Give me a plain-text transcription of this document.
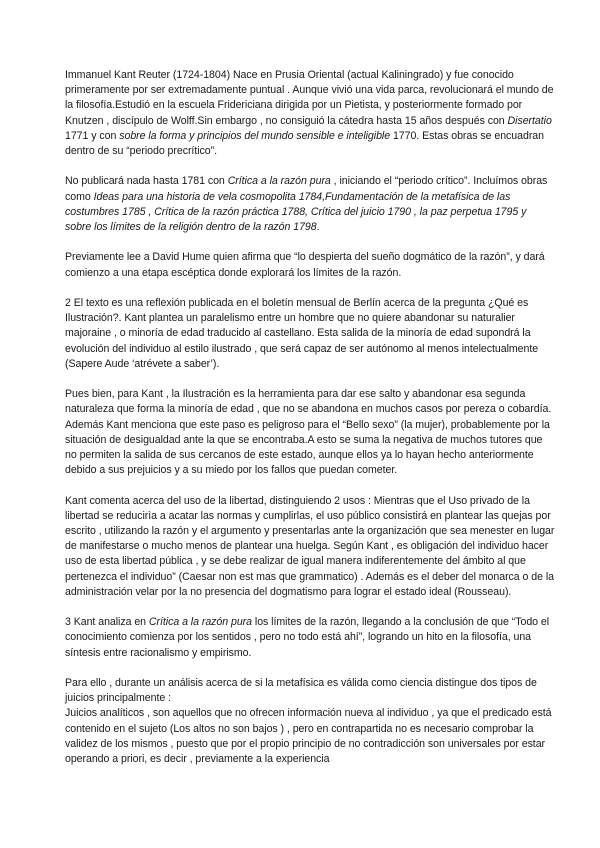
Immanuel Kant Reuter (1724-1804) Nace en Prusia Oriental (actual Kaliningrado) y fue conocido primeramente por ser extremadamente puntual . Aunque vivió una vida parca, revolucionará el mundo de la filosofía.Estudió en la escuela Fridericiana dirigida por un Pietista, y posteriormente formado por Knutzen , discípulo de Wolff.Sin embargo , no consiguió la cátedra hasta 15 años después con Disertatio 1771 y con sobre la forma y principios del mundo sensible e inteligible 1770. Estas obras se encuadran dentro de su “periodo precrítico”.

No publicará nada hasta 1781 con Crítica a la razón pura , iniciando el “periodo crítico”. Incluímos obras como Ideas para una historia de vela cosmopolita 1784,Fundamentación de la metafísica de las costumbres 1785 , Crítica de la razón práctica 1788, Crítica del juicio 1790 , la paz perpetua 1795 y sobre los límites de la religión dentro de la razón 1798.

Previamente lee a David Hume quien afirma que “lo despierta del sueño dogmático de la razón”, y dará comienzo a una etapa escéptica donde explorará los límites de la razón.

2 El texto es una reflexión publicada en el boletín mensual de Berlín acerca de la pregunta ¿Qué es Ilustración?. Kant plantea un paralelismo entre un hombre que no quiere abandonar su naturalier majoraine , o minoría de edad traducido al castellano. Esta salida de la minoría de edad supondrá la evolución del individuo al estilo ilustrado , que será capaz de ser autónomo al menos intelectualmente (Sapere Aude ‘atrévete a saber’).

Pues bien, para Kant , la Ilustración es la herramienta para dar ese salto y abandonar esa segunda naturaleza que forma la minoría de edad , que no se abandona en muchos casos por pereza o cobardía. Además Kant menciona que este paso es peligroso para el “Bello sexo” (la mujer), probablemente por la situación de desigualdad ante la que se encontraba.A esto se suma la negativa de muchos tutores que no permiten la salida de sus cercanos de este estado, aunque ellos ya lo hayan hecho anteriormente debido a sus prejuicios y a su miedo por los fallos que puedan cometer.

Kant comenta acerca del uso de la libertad, distinguiendo 2 usos : Mientras que el Uso privado de la libertad se reducirìa a acatar las normas y cumplirlas, el uso público consistirá en plantear las quejas por escrito , utilizando la razón y el argumento y presentarlas ante la organización que sea menester en lugar de manifestarse o mucho menos de plantear una huelga. Según Kant , es obligación del individuo hacer uso de esta libertad pública , y se debe realizar de igual manera indiferentemente del ámbito al que pertenezca el individuo” (Caesar non est mas que grammatico) . Además es el deber del monarca o de la administración velar por la no presencia del dogmatismo para lograr el estado ideal (Rousseau).

3 Kant analiza en Crítica a la razón pura los límites de la razón, llegando a la conclusión de que “Todo el conocimiento comienza por los sentidos , pero no todo está ahí”, logrando un hito en la filosofía, una síntesis entre racionalismo y empirismo.

Para ello , durante un análisis acerca de si la metafísica es válida como ciencia distingue dos tipos de juicios principalmente :

Juicios analíticos , son aquellos que no ofrecen información nueva al individuo , ya que el predicado está contenido en el sujeto (Los altos no son bajos ) , pero en contrapartida no es necesario comprobar la validez de los mismos , puesto que por el propio principio de no contradicción son universales por estar operando a priori, es decir , previamente a la experiencia
